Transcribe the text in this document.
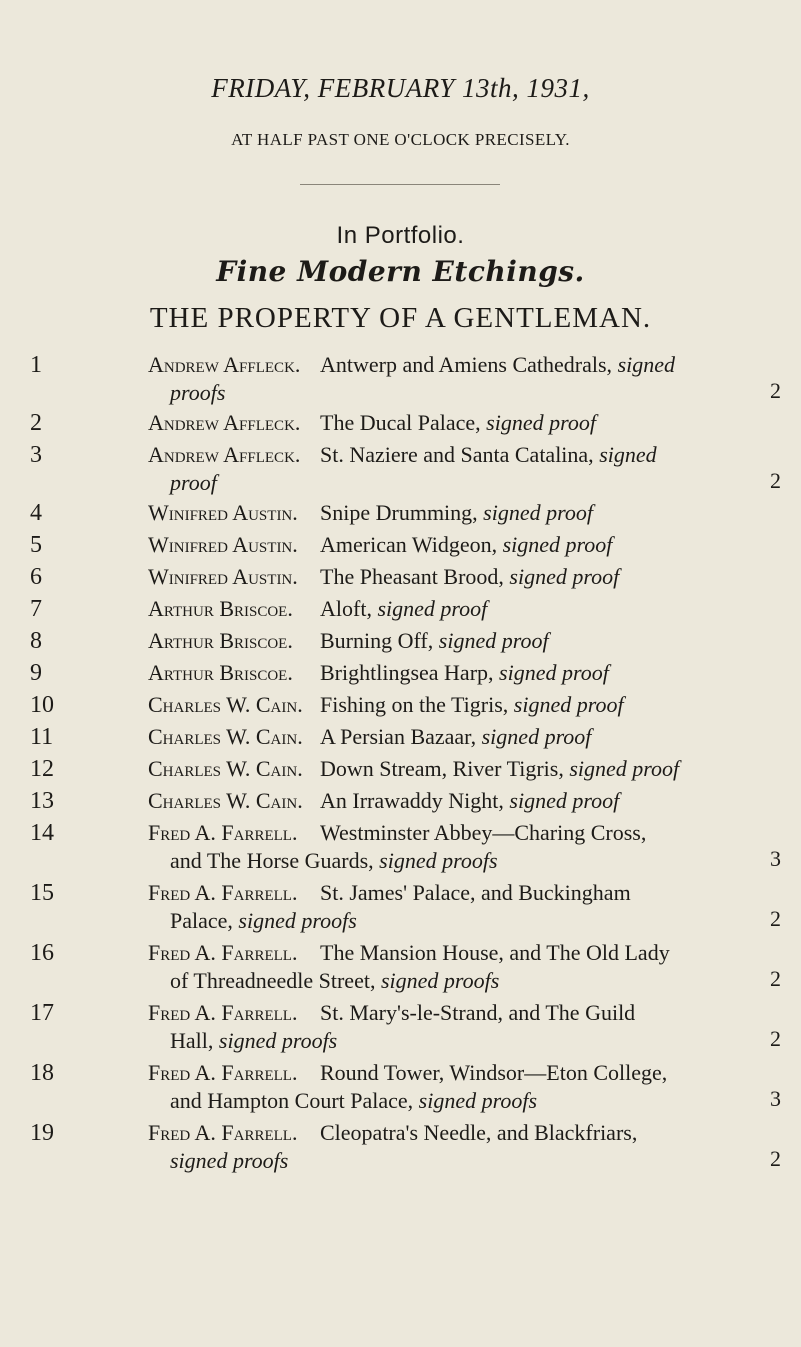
FRIDAY, FEBRUARY 13th, 1931,
AT HALF PAST ONE O'CLOCK PRECISELY.
In Portfolio.
Fine Modern Etchings.
THE PROPERTY OF A GENTLEMAN.
1	Andrew Affleck. Antwerp and Amiens Cathedrals, signed
proofs	2
2	Andrew Affleck. The Ducal Palace, signed proof
3	Andrew Affleck. St. Naziere and Santa Catalina, signed
proof	2
4	Winifred Austin. Snipe Drumming, signed proof
5	Winifred Austin. American Widgeon, signed proof
6	Winifred Austin. The Pheasant Brood, signed proof
7	Arthur Briscoe. Aloft, signed proof
8	Arthur Briscoe. Burning Off, signed proof
9	Arthur Briscoe. Brightlingsea Harp, signed proof
10	Charles W. Cain. Fishing on the Tigris, signed proof
11	Charles W. Cain. A Persian Bazaar, signed proof
12	Charles W. Cain. Down Stream, River Tigris, signed proof
13	Charles W. Cain. An Irrawaddy Night, signed proof
14	Fred A. Farrell. Westminster Abbey—Charing Cross,
and The Horse Guards, signed proofs	3
15	Fred A. Farrell. St. James' Palace, and Buckingham
Palace, signed proofs	2
16	Fred A. Farrell. The Mansion House, and The Old Lady
of Threadneedle Street, signed proofs	2
17	Fred A. Farrell. St. Mary's-le-Strand, and The Guild
Hall, signed proofs	2
18	Fred A. Farrell. Round Tower, Windsor—Eton College,
and Hampton Court Palace, signed proofs	3
19	Fred A. Farrell. Cleopatra's Needle, and Blackfriars,
signed proofs	2
